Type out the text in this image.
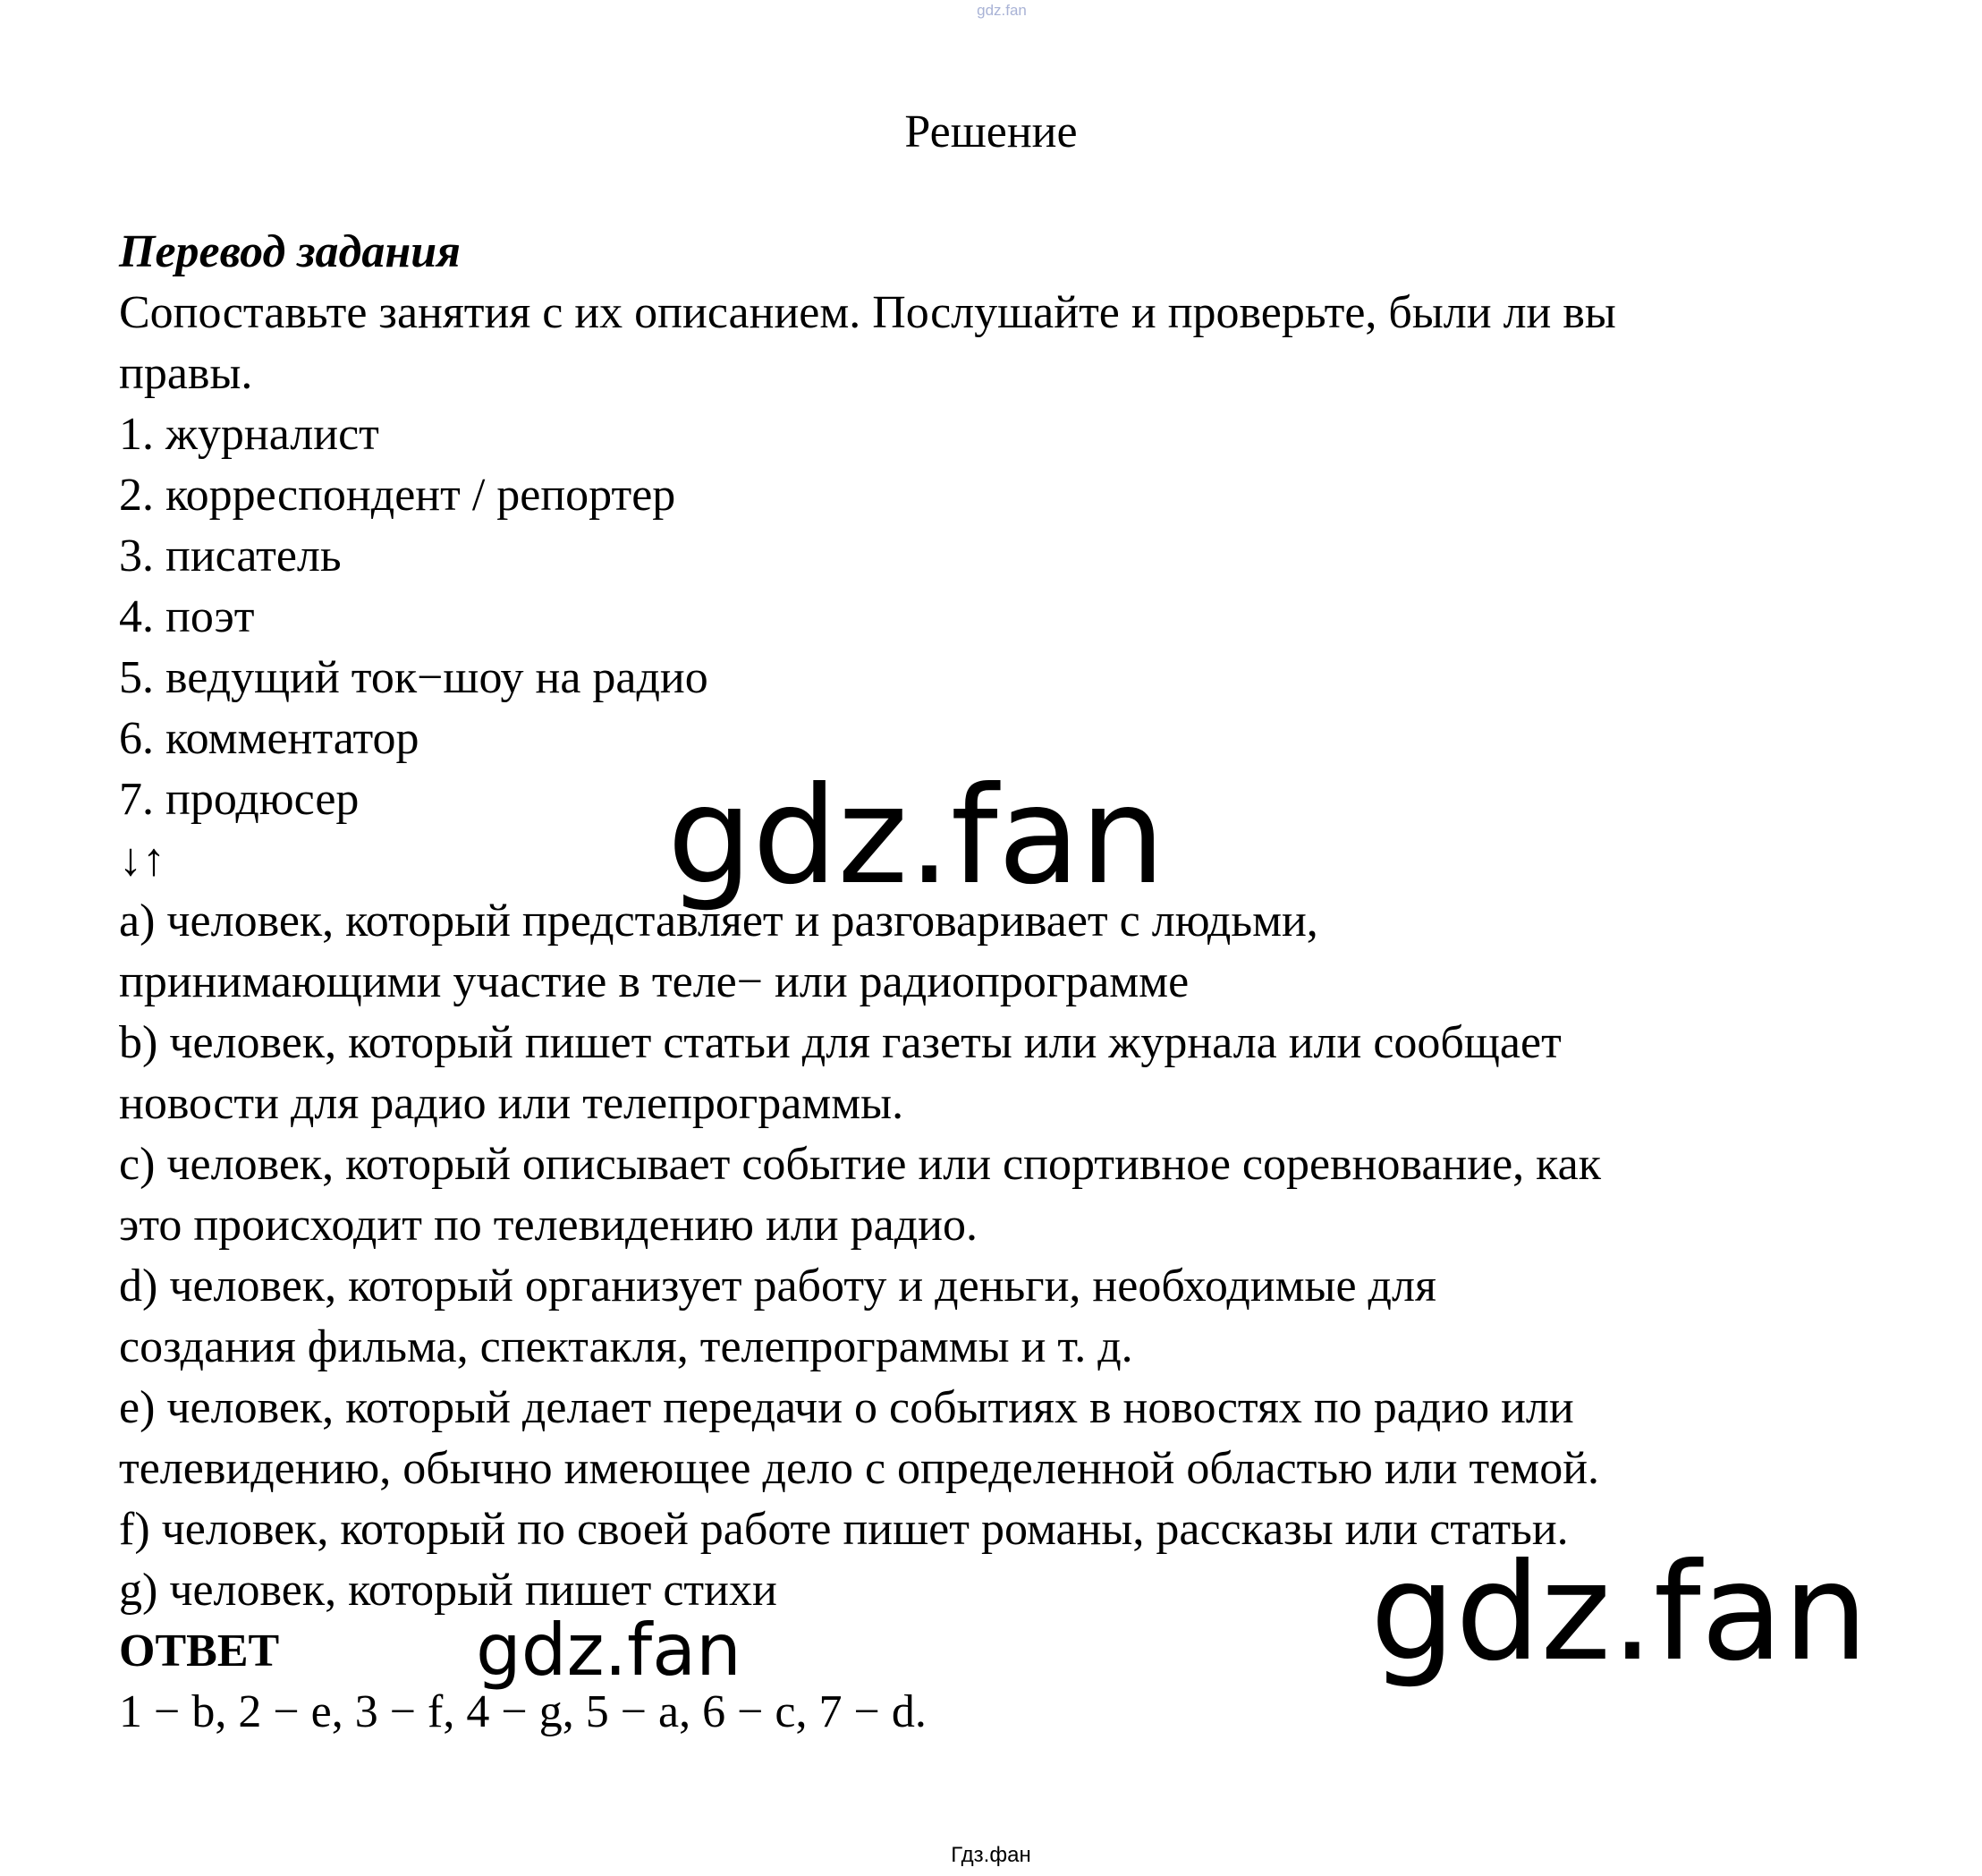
gdz.fan
Решение
Перевод задания
Сопоставьте занятия с их описанием. Послушайте и проверьте, были ли вы
правы.
1. журналист
2. корреспондент / репортер
3. писатель
4. поэт
5. ведущий ток−шоу на радио
6. комментатор
7. продюсер
↓↑
a) человек, который представляет и разговаривает с людьми,
принимающими участие в теле− или радиопрограмме
b) человек, который пишет статьи для газеты или журнала или сообщает
новости для радио или телепрограммы.
c) человек, который описывает событие или спортивное соревнование, как
это происходит по телевидению или радио.
d) человек, который организует работу и деньги, необходимые для
создания фильма, спектакля, телепрограммы и т. д.
e) человек, который делает передачи о событиях в новостях по радио или
телевидению, обычно имеющее дело с определенной областью или темой.
f) человек, который по своей работе пишет романы, рассказы или статьи.
g) человек, который пишет стихи
ОТВЕТ
1 − b, 2 − e, 3 − f, 4 − g, 5 − a, 6 − c, 7 − d.
gdz.fan
gdz.fan
gdz.fan
Гдз.фан
